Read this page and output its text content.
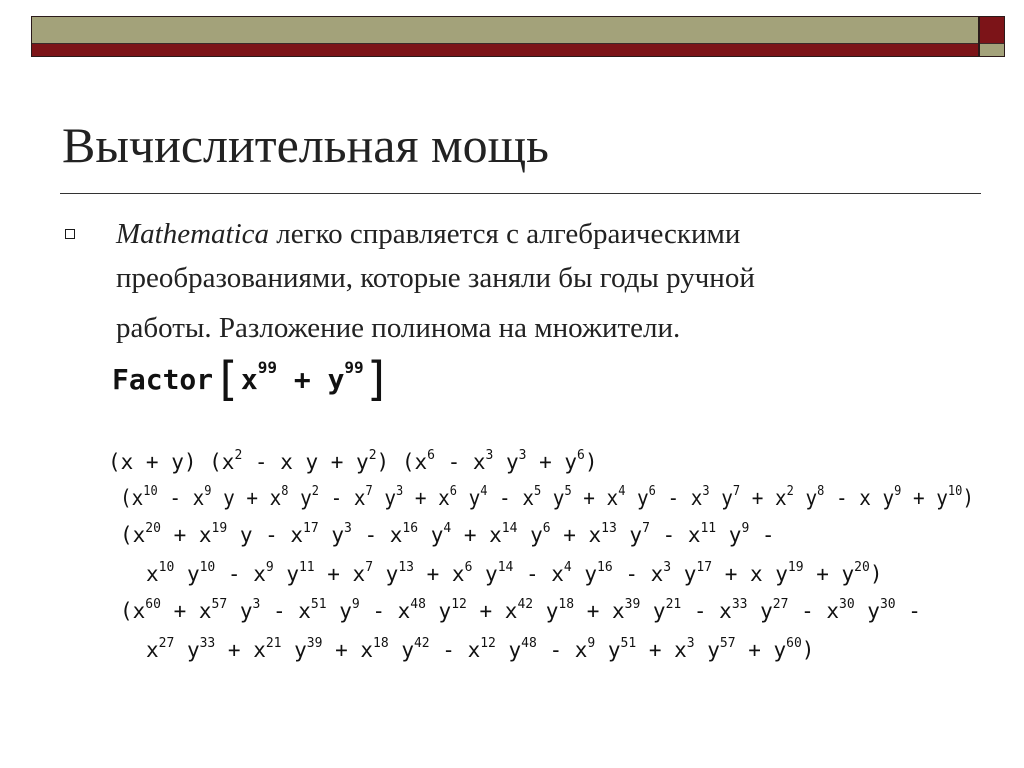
Вычислительная мощь
Mathematica легко справляется с алгебраическими
преобразованиями, которые заняли бы годы ручной
работы. Разложение полинома на множители.
$Factor[x^{99} + y^{99}]$
(x + y) ($x^2$ - x $y + y^2$) ($x^6 - x^3$ $y^3 + y^6$)
($x^{10} - x^9$ $y + x^8$ $y^2 - x^7$ $y^3 + x^6$ $y^4 - x^5$ $y^5 + x^4$ $y^6 - x^3$ $y^7 + x^2$ $y^8$ - x $y^9 + y^{10}$)
($x^{20} + x^{19}$ y - $x^{17}$ $y^3 - x^{16}$ $y^4 + x^{14}$ $y^6 + x^{13}$ $y^7 - x^{11}$ $y^9$ -
$x^{10}$ $y^{10} - x^9$ $y^{11} + x^7$ $y^{13} + x^6$ $y^{14} - x^4$ $y^{16} - x^3$ $y^{17} + x$ $y^{19} + y^{20}$)
($x^{60} + x^{57}$ $y^3 - x^{51}$ $y^9 - x^{48}$ $y^{12} + x^{42}$ $y^{18} + x^{39}$ $y^{21} - x^{33}$ $y^{27} - x^{30}$ $y^{30}$ -
$x^{27}$ $y^{33} + x^{21}$ $y^{39} + x^{18}$ $y^{42} - x^{12}$ $y^{48} - x^9$ $y^{51} + x^3$ $y^{57} + y^{60}$)
